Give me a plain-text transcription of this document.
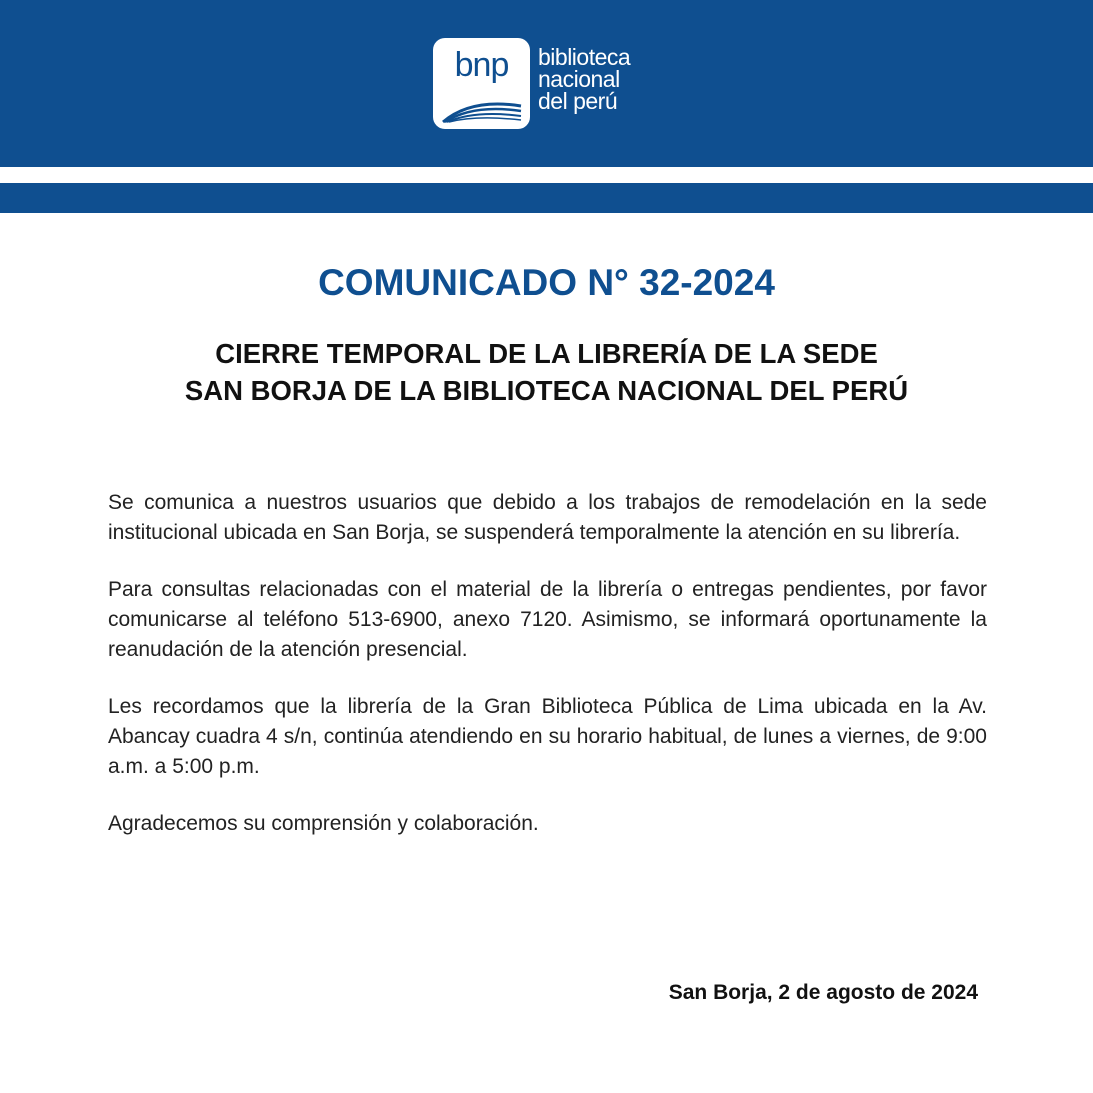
bnp	biblioteca
nacional
del perú
COMUNICADO N° 32-2024
CIERRE TEMPORAL DE LA LIBRERÍA DE LA SEDE
SAN BORJA DE LA BIBLIOTECA NACIONAL DEL PERÚ

Se comunica a nuestros usuarios que debido a los trabajos de remodelación en la sede institucional ubicada en San Borja, se suspenderá temporalmente la atención en su librería.

Para consultas relacionadas con el material de la librería o entregas pendientes, por favor comunicarse al teléfono 513-6900, anexo 7120. Asimismo, se informará oportunamente la reanudación de la atención presencial.

Les recordamos que la librería de la Gran Biblioteca Pública de Lima ubicada en la Av. Abancay cuadra 4 s/n, continúa atendiendo en su horario habitual, de lunes a viernes, de 9:00 a.m. a 5:00 p.m.

Agradecemos su comprensión y colaboración.

San Borja, 2 de agosto de 2024
